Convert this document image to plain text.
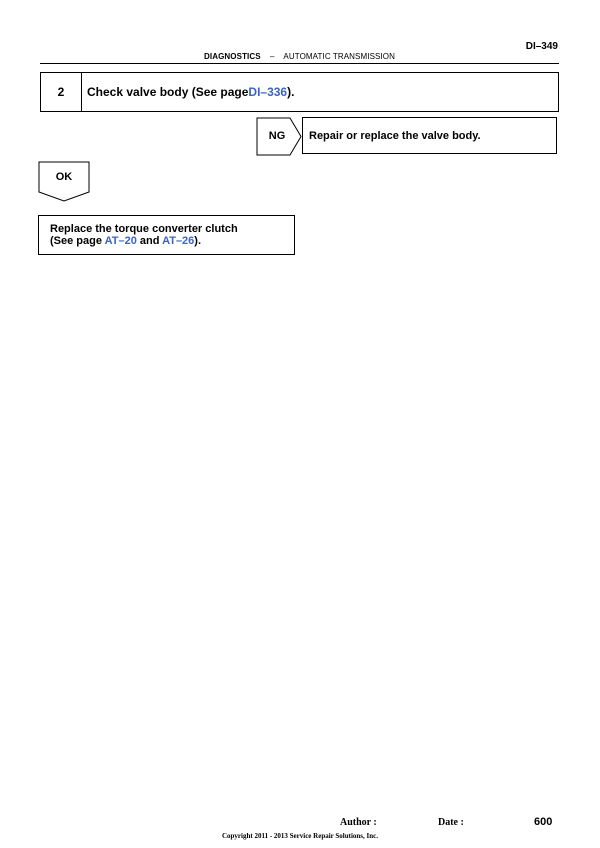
DI–349
DIAGNOSTICS – AUTOMATIC TRANSMISSION
2	Check valve body (See page DI–336 ).
NG	Repair or replace the valve body.
OK
Replace the torque converter clutch
(See page AT–20 and AT–26).
Author :	Date :	600
Copyright 2011 - 2013 Service Repair Solutions, Inc.
